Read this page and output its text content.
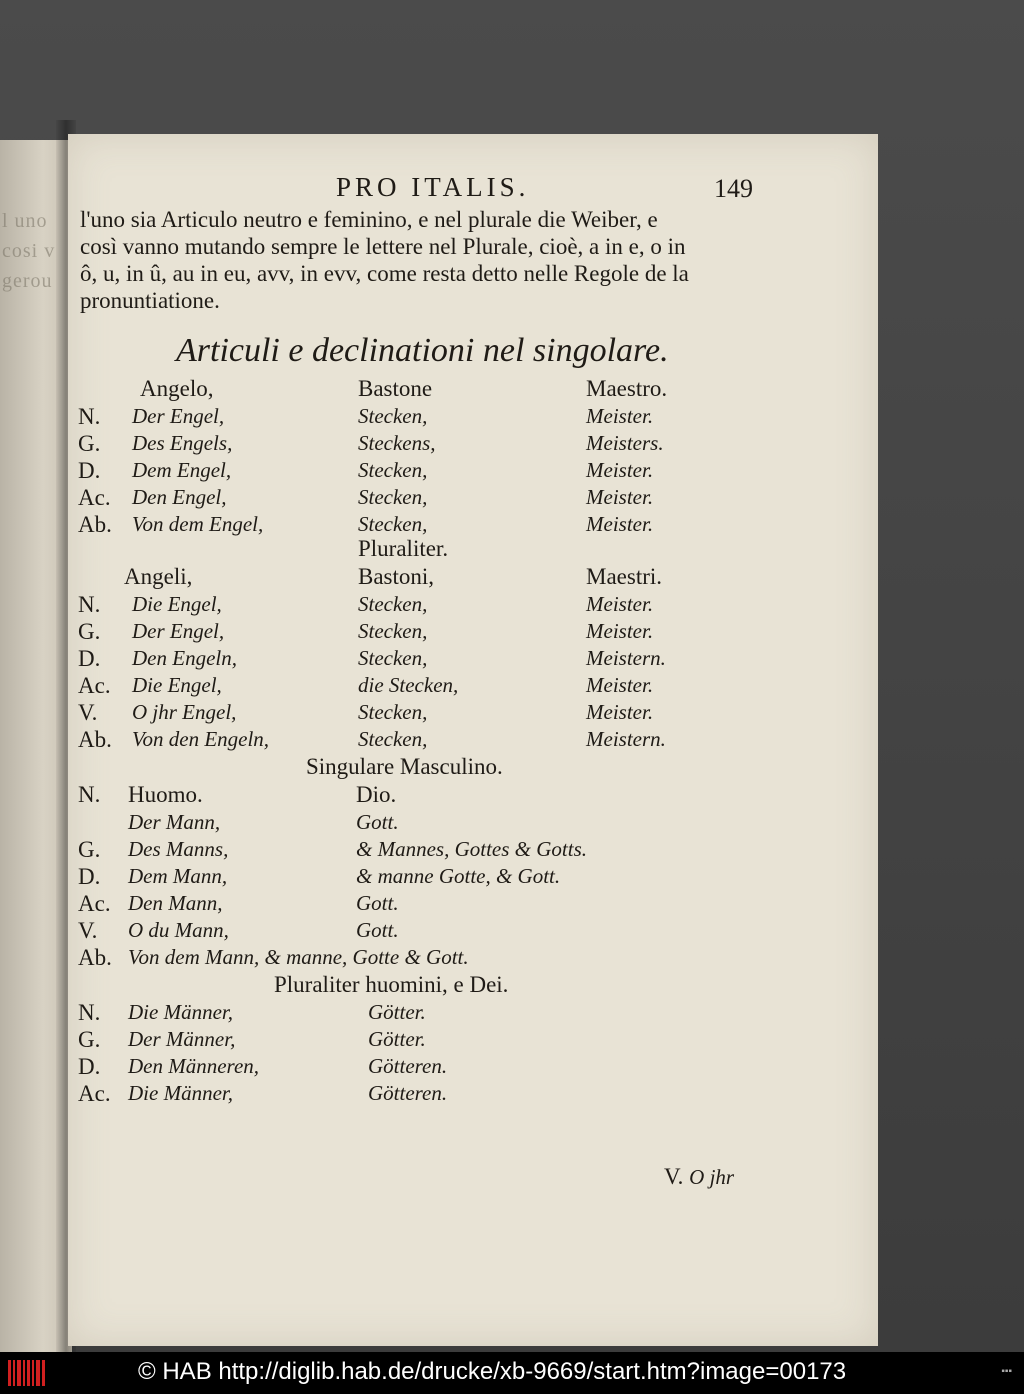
l uno
cosi v
gerou
PRO ITALIS.	149
l'uno sia Articulo neutro e feminino, e nel plurale die Weiber, e
così vanno mutando sempre le lettere nel Plurale, cioè, a in e, o in
ô, u, in û, au in eu, avv, in evv, come resta detto nelle Regole de la
pronuntiatione.
Articuli e declinationi nel singolare.
Angelo,	Bastone	Maestro.
N. Der Engel,	Stecken,	Meister.
G. Des Engels,	Steckens,	Meisters.
D. Dem Engel,	Stecken,	Meister.
Ac. Den Engel,	Stecken,	Meister.
Ab. Von dem Engel,	Stecken,	Meister.
Pluraliter.
Angeli,	Bastoni,	Maestri.
N. Die Engel,	Stecken,	Meister.
G. Der Engel,	Stecken,	Meister.
D. Den Engeln,	Stecken,	Meistern.
Ac. Die Engel,	die Stecken,	Meister.
V. O jhr Engel,	Stecken,	Meister.
Ab. Von den Engeln,	Stecken,	Meistern.
Singulare Masculino.
N. Huomo.	Dio.
Der Mann,	Gott.
G. Des Manns,	& Mannes, Gottes & Gotts.
D. Dem Mann,	& manne Gotte, & Gott.
Ac. Den Mann,	Gott.
V. O du Mann,	Gott.
Ab. Von dem Mann, & manne, Gotte & Gott.
Pluraliter huomini, e Dei.
N. Die Männer,	Götter.
G. Der Männer,	Götter.
D. Den Männeren,	Götteren.
Ac. Die Männer,	Götteren.
V. O jhr
© HAB http://diglib.hab.de/drucke/xb-9669/start.htm?image=00173	▪▪▪
